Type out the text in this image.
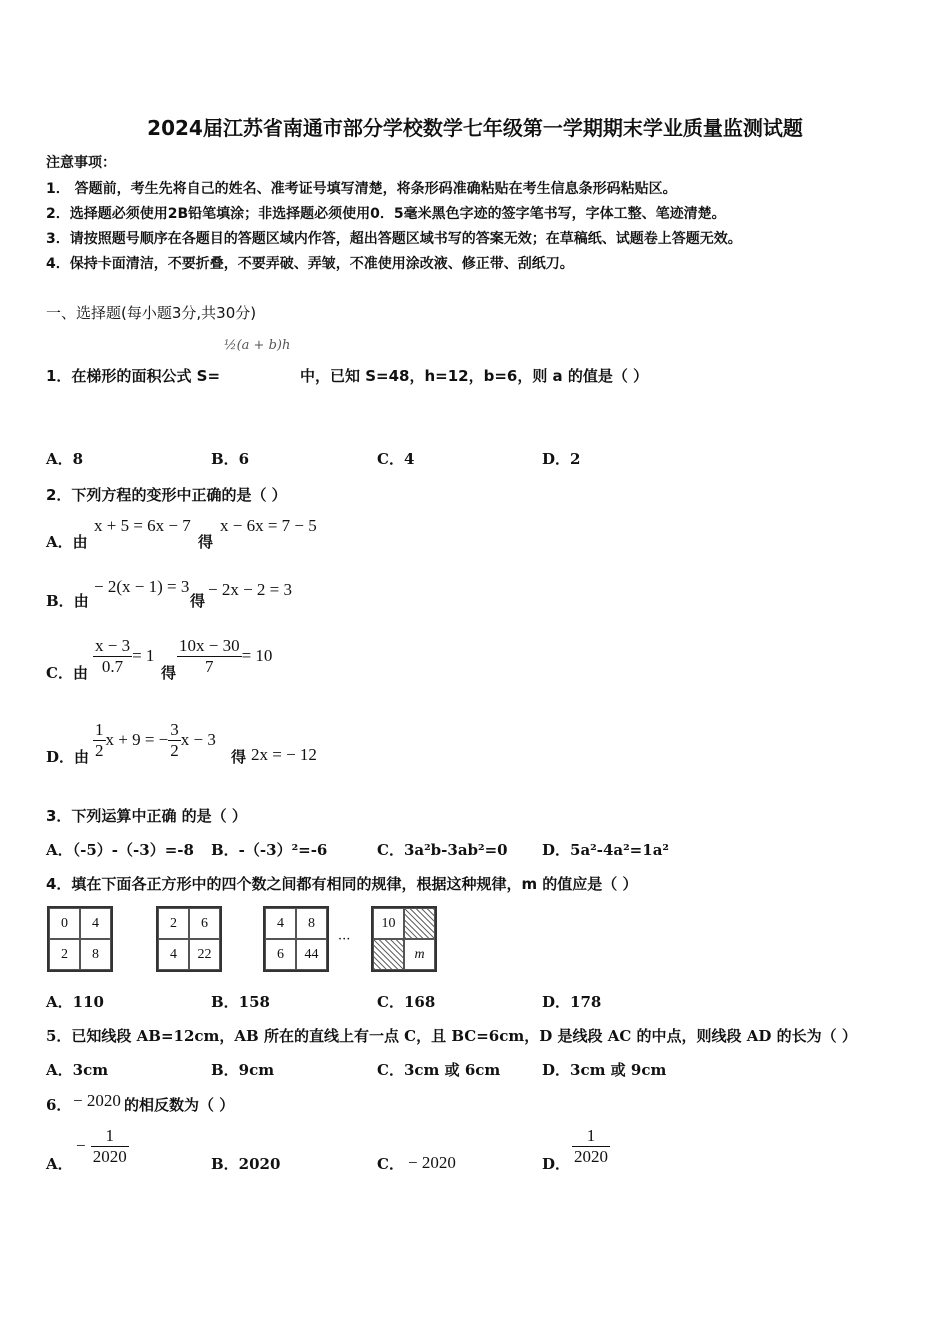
2024届江苏省南通市部分学校数学七年级第一学期期末学业质量监测试题
注意事项：
1． 答题前，考生先将自己的姓名、准考证号填写清楚，将条形码准确粘贴在考生信息条形码粘贴区。
2．选择题必须使用2B铅笔填涂；非选择题必须使用0．5毫米黑色字迹的签字笔书写，字体工整、笔迹清楚。
3．请按照题号顺序在各题目的答题区域内作答，超出答题区域书写的答案无效；在草稿纸、试题卷上答题无效。
4．保持卡面清洁，不要折叠，不要弄破、弄皱，不准使用涂改液、修正带、刮纸刀。
一、选择题(每小题3分,共30分)
½(a + b)h
1．在梯形的面积公式 S=	中，已知 S=48，h=12，b=6，则 a 的值是（ ）
A．8	B．6	C．4	D．2
2．下列方程的变形中正确的是（ ）
A．由
x + 5 = 6x − 7
得
x − 6x = 7 − 5
B．由
− 2(x − 1) = 3
得
− 2x − 2 = 3
C．由 $\frac{x - 3}{0.7} = 1$
得 $\frac{10x - 30}{7} = 10$
D．由 $\frac{1}{2}$ x + 9 = − $\frac{3}{2}$ x − 3
得 2x = − 12
3．下列运算中正确 的是（ ）
A．（-5）-（-3）=-8 B．-（-3）²=-6	C．3a²b-3ab²=0 D．5a²-4a²=1a²
4．填在下面各正方形中的四个数之间都有相同的规律，根据这种规律，m 的值应是（ ）
0	4
2	8
2	6
4	22
4	8
6	44
···
10
m
A．110	B．158	C．168	D．178
5．已知线段 AB=12cm，AB 所在的直线上有一点 C，且 BC=6cm，D 是线段 AC 的中点，则线段 AD 的长为（ ）
A．3cm	B．9cm	C．3cm 或 6cm	D．3cm 或 9cm
6． − 2020 的相反数为（ ）
A．
− $\frac{1}{2020}$	B．2020	C． − 2020	D． $\frac{1}{2020}$
